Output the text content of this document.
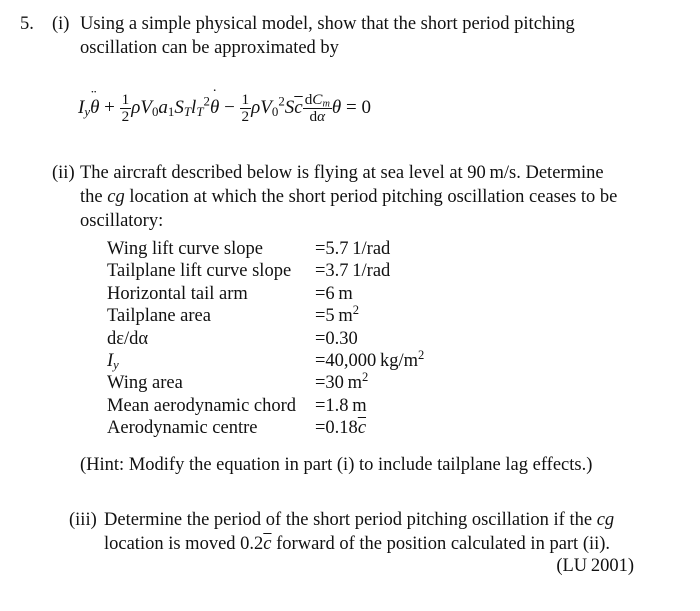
5. (i) Using a simple physical model, show that the short period pitching
oscillation can be approximated by
$I_y¨$ $\theta + \frac{1}{2}$ $\rho V_0a_1S_Tl_T^2˙$ $\theta - \frac{1}{2} \rho V_0^2S\overline{c} \frac{dC_m}{d\alpha}$ θ = 0
(ii) The aircraft described below is flying at sea level at 90 m/s. Determine
the cg location at which the short period pitching oscillation ceases to be
oscillatory:
Wing lift curve slope	=5.7 1/rad
Tailplane lift curve slope	=3.7 1/rad
Horizontal tail arm	=6 m
Tailplane area	=5 $m^2$
dε/dα	=0.30
$I_y$	=40,000 $kg/m^2$
Wing area	=30 $m^2$
Mean aerodynamic chord	=1.8 m
Aerodynamic centre	$=0.18\overline{c}$
(Hint: Modify the equation in part (i) to include tailplane lag effects.)
(iii) Determine the period of the short period pitching oscillation if the cg
location is moved $0.2\overline{c}$ forward of the position calculated in part (ii).
(LU 2001)
